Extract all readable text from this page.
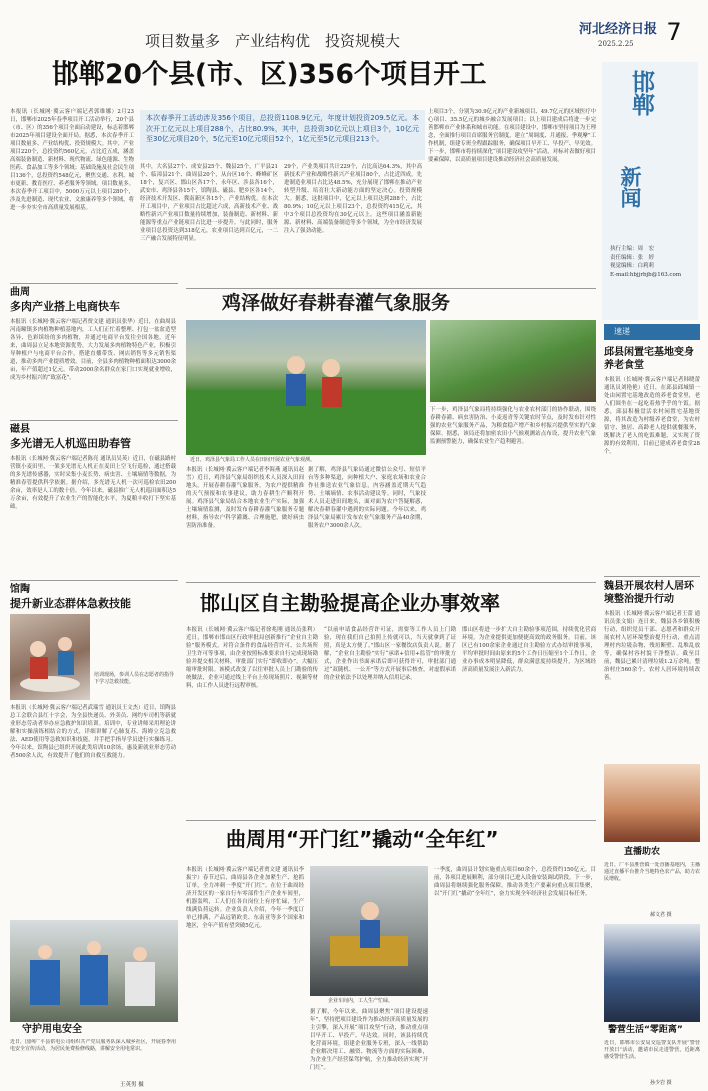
项目数量多　产业结构优　投资规模大
河北经济日报
2025.2.25	7
邯郸20个县(市、区)356个项目开工	邯郸
新闻
执行主编：周　宏
责任编辑：张　婷
视觉编辑：白莉莉
E-mail:hbjjrbjb@163.com
本次春季开工活动涉及356个项目，总投资1108.9亿元，年度计划投资209.5亿元。本次开工亿元以上项目288个，占比80.9%，其中，总投资30亿元以上项目3个，10亿元至30亿元项目20个，5亿元至10亿元项目52个，1亿元至5亿元项目213个。
本报讯（长城网·冀云客户端记者郭维娜）2月23日，邯郸市2025年春季项目开工活动举行，20个县（市、区）的356个项目全面启动建设，标志着邯郸市2025年项目建设全面开局。据悉，本次春季开工项目数量多、产业结构优、投资规模大。其中，产业项目220个，总投资约560亿元，占比近五成，涵盖高端装备制造、新材料、现代物流、绿色能源、生物医药、食品加工等多个领域；基础设施及社会民生项目136个，总投资约548亿元，聚焦交通、水利、城市更新、教育医疗、养老服务等领域。项目数量多。本次春季开工项目中，5000万元以上项目280个，涉及先进制造、现代农业、文旅康养等多个领域，将进一步夯实全市高质量发展根基。
其中，大名县27个、成安县25个、魏县25个，广平县21个、临漳县21个、曲周县20个，从台区16个、峰峰矿区18个，复兴区、邯山区各17个，永年区、涉县各16个，武安市、鸡泽县各15个，馆陶县、磁县、肥乡区各14个，经济技术开发区、冀南新区各15个。产业结构优。在本次开工项目中，产业项目占比超过六成，高新技术产业、战略性新兴产业项目数量持续增加，装备制造、新材料、新能源等重点产业链项目占比进一步提升。与此同时，服务业项目总投资达到318亿元，农业项目达到百亿元，一二三产融合发展特征明显。
29个，产业类项目共计229个，占比高达64.3%，其中高新技术产业和战略性新兴产业项目80个，占比近四成，先进制造业项目占比达48.5%，充分展现了邯郸在推动产业转型升级、培育壮大新动能方面的坚定决心。投资规模大。据悉，这批项目中，亿元以上项目达到288个，占比80.9%；10亿元以上项目23个，总投资约415亿元，其中3个项目总投资均在30亿元以上。这些项目涵盖新能源、新材料、高端装备制造等多个领域，为全市经济发展注入了强劲动能。
上项目3个，分别为30.9亿元的产业新城项目、49.7亿元的区域医疗中心项目、35.5亿元的城乡融合发展项目；以上项目建成后将进一步完善邯郸市产业体系和城市功能。在项目建设中，邯郸市坚持项目为王理念，全面推行项目首席服务官制度，建立“周调度、月通报、季观摩”工作机制，组建专班全程跟踪服务，确保项目早开工、早投产、早见效。下一步，邯郸市将持续深化“项目建设攻坚年”活动，对标对表做好项目要素保障，以高质量项目建设推动经济社会高质量发展。
曲周
多肉产业搭上电商快车
本报讯（长城网·冀云客户端记者贾文建 通讯员张华）近日，在曲周县河南疃镇多肉植物种植基地内，工人们正忙着整理、打包一盆盆造型各异、色彩缤纷的多肉植物，并通过电商平台发往全国各地。近年来，曲周县立足本地资源优势，大力发展多肉植物特色产业，积极引导种植户与电商平台合作，搭建直播带货、网店销售等多元销售渠道，推动多肉产业提质增效。目前，全县多肉植物种植面积达3000余亩，年产值超过1亿元，带动2000余名群众在家门口实现就业增收，成为乡村振兴的“致富花”。
磁县
多光谱无人机巡田助春管
本报讯（长城网·冀云客户端记者陈亮 通讯员吴英）近日，在磁县路村营镇小麦田里，一架多光谱无人机正在麦田上空飞行巡检，通过搭载的多光谱传感器，实时采集小麦长势、病虫害、土壤墒情等数据，为精准春管提供科学依据。据介绍，多光谱无人机一次可巡检农田200余亩，效率是人工的数十倍。今年以来，磁县推广无人机巡田面积达5万余亩，有效提升了农业生产的智能化水平，为夏粮丰收打下坚实基础。
馆陶
提升新业态群体急救技能
培训现场，参训人员在志愿者的指导下学习急救技能。
本报讯（长城网·冀云客户端记者武瑞雪 通讯员王文杰）近日，馆陶县总工会联合县红十字会，为全县快递员、外卖员、网约车司机等新就业形态劳动者举办应急救护知识培训。培训中，专业讲师采用理论讲解和实操演练相结合的方式，详细讲解了心肺复苏、海姆立克急救法、AED使用等急救知识和技能，并手把手指导学员进行实操练习。今年以来，馆陶县已组织开展此类培训10余场，惠及新就业形态劳动者500余人次，有效提升了他们的自救互救能力。
守护用电安全
近日，国网广平县供电公司组织共产党员服务队深入城乡社区，开展春季用电安全宣传活动，为居民免费检修线路，讲解安全用电常识。
王英男 摄
鸡泽做好春耕春灌气象服务
近日，鸡泽县气象局工作人员在田间开展农业气象观测。
本报讯（长城网·冀云客户端记者李海燕 通讯员赵雪）近日，鸡泽县气象局组织技术人员深入田间地头，开展春耕春灌气象服务，为农户提供精准的天气预报和农事建议，助力春耕生产顺利开展。鸡泽县气象局结合本地农业生产实际，加强土壤墒情监测，及时发布春耕春灌气象服务专题材料，指导农户科学灌溉、合理施肥，做好病虫害防治准备。
据了解，鸡泽县气象局通过微信公众号、短信平台等多种渠道，向种植大户、家庭农场和农业合作社推送农业气象信息，内容涵盖近期天气趋势、土壤墒情、农事活动建议等。同时，气象技术人员走进田间地头，面对面为农户答疑解惑，解决春耕春灌中遇到的实际问题。今年以来，鸡泽县气象局累计发布农业气象服务产品40余期，服务农户3000余人次。
下一步，鸡泽县气象局将持续强化与农业农村部门的协作联动，围绕春耕春灌、病虫害防治、小麦返青等关键农时节点，及时发布针对性强的农业气象服务产品，为粮食稳产增产和乡村振兴提供坚实的气象保障。据悉，该局还将加密农田小气候观测站点布设，提升农业气象监测预警能力，确保农业生产趋利避害。
邯山区自主勘验提高企业办事效率
本报讯（长城网·冀云客户端记者徐兆刚 通讯员张利）近日，邯郸市邯山区行政审批局创新推行“企业自主勘验”服务模式，对符合条件的食品经营许可、公共场所卫生许可等事项，由企业按照标准要求自行完成现场勘验并提交相关材料，审批部门实行“即收即办”，大幅压缩审批时限。该模式改变了以往审批人员上门勘验的传统做法，企业可通过线上平台上传现场照片、视频等材料，由工作人员进行远程审核。
“以前申请食品经营许可证，需要等工作人员上门勘验，现在我们自己拍照上传就可以，当天就拿到了证照，真是太方便了。”邯山区一家餐饮店负责人说。据了解，“企业自主勘验”实行“承诺+信用+监管”的审批方式，企业作出书面承诺后即可获得许可，审批部门通过“双随机、一公开”等方式开展事后核查，对虚假承诺的企业依法予以处理并纳入信用记录。
邯山区将进一步扩大自主勘验事项范围，持续优化营商环境，为企业提供更加便捷高效的政务服务。目前，该区已有100余家企业通过自主勘验方式办结审批事项，平均审批时间由原来的5个工作日压缩至1个工作日，企业办事成本明显降低，群众满意度持续提升，为区域经济高质量发展注入新活力。
曲周用“开门红”撬动“全年红”
本报讯（长城网·冀云客户端记者贾文建 通讯员李振宇）春节过后，曲周县各企业加紧生产、抢抓订单，全力冲刺一季度“开门红”。在位于曲周经济开发区的一家自行车零部件生产企业车间里，机器轰鸣，工人们在各自岗位上有序忙碌，生产线满负荷运转。企业负责人介绍，今年一季度订单已排满，产品远销欧美、东南亚等多个国家和地区，全年产值有望突破5亿元。
企业车间内，工人生产忙碌。
据了解，今年以来，曲周县聚焦“项目建设提速年”，坚持把项目建设作为推动经济高质量发展的主引擎，深入开展“项目攻坚”行动，推动重点项目早开工、早投产、早达效。同时，该县持续优化营商环境，组建企业服务专班，深入一线帮助企业解决用工、融资、物流等方面的实际困难，为企业生产经营保驾护航，全力推动经济实现“开门红”。
一季度，曲周县计划实施重点项目60余个，总投资约150亿元。目前，各项目进展顺利，部分项目已进入设备安装调试阶段。下一步，曲周县将继续强化服务保障，推动各类生产要素向重点项目集聚，以“开门红”撬动“全年红”，奋力实现全年经济社会发展目标任务。
速递
邱县闲置宅基地变身养老食堂
本报讯（长城网·冀云客户端记者韩晓蕾 通讯员刘艳艳）近日，在邱县邱城镇一处由闲置宅基地改造的养老食堂里，老人们围坐在一起吃着热乎乎的午饭。据悉，邱县积极盘活农村闲置宅基地资源，将其改造为村级养老食堂，为农村留守、独居、高龄老人提供就餐服务，既解决了老人的吃饭难题，又实现了资源的有效利用，目前已建成养老食堂28个。
魏县开展农村人居环境整治提升行动
本报讯（长城网·冀云客户端记者王蕾 通讯员张文娟）连日来，魏县各乡镇积极行动，组织党员干部、志愿者和群众开展农村人居环境整治提升行动，重点清理村内垃圾杂物、残垣断壁、乱堆乱放等，确保村容村貌干净整洁。截至目前，魏县已累计清理垃圾1.2万余吨，整治村庄560余个，农村人居环境持续改善。
直播助农
近日，广平县胜营镇一处直播基地内，主播通过直播平台推介当地特色农产品，助力农民增收。
郝文君 摄
警营生活“零距离”
近日，邯郸市公安局交巡警支队开展“警营开放日”活动，邀请市民走进警营，近距离感受警营生活。
孙少岩 摄
